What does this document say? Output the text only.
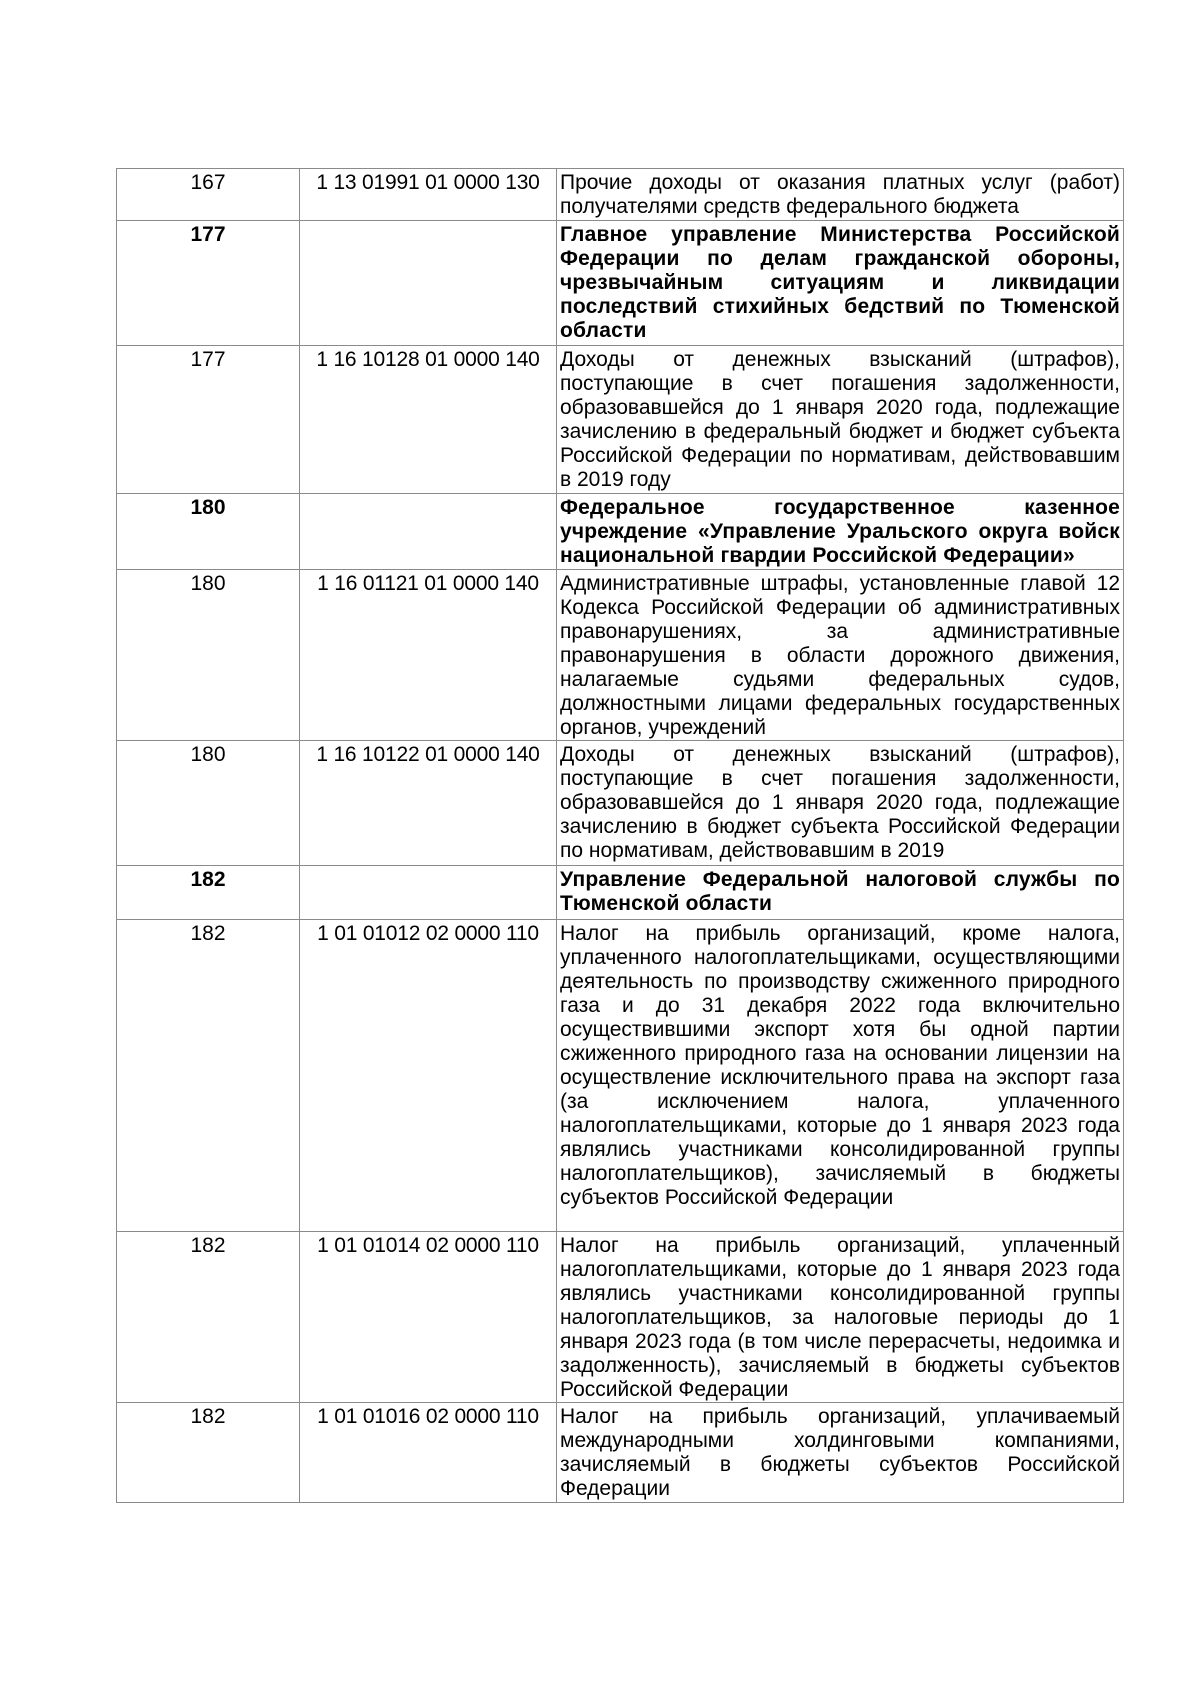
167	1 13 01991 01 0000 130	Прочие доходы от оказания платных услуг (работ) получателями средств федерального бюджета
177		Главное управление Министерства Российской Федерации по делам гражданской обороны, чрезвычайным ситуациям и ликвидации последствий стихийных бедствий по Тюменской области
177	1 16 10128 01 0000 140	Доходы от денежных взысканий (штрафов), поступающие в счет погашения задолженности, образовавшейся до 1 января 2020 года, подлежащие зачислению в федеральный бюджет и бюджет субъекта Российской Федерации по нормативам, действовавшим в 2019 году
180		Федеральное государственное казенное учреждение «Управление Уральского округа войск национальной гвардии Российской Федерации»
180	1 16 01121 01 0000 140	Административные штрафы, установленные главой 12 Кодекса Российской Федерации об административных правонарушениях, за административные правонарушения в области дорожного движения, налагаемые судьями федеральных судов, должностными лицами федеральных государственных органов, учреждений
180	1 16 10122 01 0000 140	Доходы от денежных взысканий (штрафов), поступающие в счет погашения задолженности, образовавшейся до 1 января 2020 года, подлежащие зачислению в бюджет субъекта Российской Федерации по нормативам, действовавшим в 2019
182		Управление Федеральной налоговой службы по Тюменской области
182	1 01 01012 02 0000 110	Налог на прибыль организаций, кроме налога, уплаченного налогоплательщиками, осуществляющими деятельность по производству сжиженного природного газа и до 31 декабря 2022 года включительно осуществившими экспорт хотя бы одной партии сжиженного природного газа на основании лицензии на осуществление исключительного права на экспорт газа (за исключением налога, уплаченного налогоплательщиками, которые до 1 января 2023 года являлись участниками консолидированной группы налогоплательщиков), зачисляемый в бюджеты субъектов Российской Федерации
182	1 01 01014 02 0000 110	Налог на прибыль организаций, уплаченный налогоплательщиками, которые до 1 января 2023 года являлись участниками консолидированной группы налогоплательщиков, за налоговые периоды до 1 января 2023 года (в том числе перерасчеты, недоимка и задолженность), зачисляемый в бюджеты субъектов Российской Федерации
182	1 01 01016 02 0000 110	Налог на прибыль организаций, уплачиваемый международными холдинговыми компаниями, зачисляемый в бюджеты субъектов Российской Федерации
